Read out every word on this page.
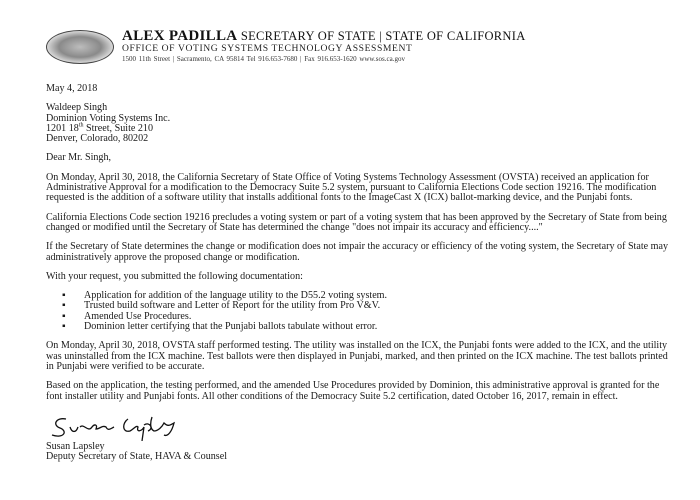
ALEX PADILLA SECRETARY OF STATE | STATE OF CALIFORNIA
OFFICE OF VOTING SYSTEMS TECHNOLOGY ASSESSMENT
1500 11th Street | Sacramento, CA 95814 Tel 916.653-7680 | Fax 916.653-1620 www.sos.ca.gov
May 4, 2018
Waldeep Singh
Dominion Voting Systems Inc.
1201 18th Street, Suite 210
Denver, Colorado, 80202
Dear Mr. Singh,
On Monday, April 30, 2018, the California Secretary of State Office of Voting Systems Technology Assessment (OVSTA) received an application for Administrative Approval for a modification to the Democracy Suite 5.2 system, pursuant to California Elections Code section 19216. The modification requested is the addition of a software utility that installs additional fonts to the ImageCast X (ICX) ballot-marking device, and the Punjabi fonts.
California Elections Code section 19216 precludes a voting system or part of a voting system that has been approved by the Secretary of State from being changed or modified until the Secretary of State has determined the change "does not impair its accuracy and efficiency...."
If the Secretary of State determines the change or modification does not impair the accuracy or efficiency of the voting system, the Secretary of State may administratively approve the proposed change or modification.
With your request, you submitted the following documentation:
▪ Application for addition of the language utility to the D55.2 voting system.
▪ Trusted build software and Letter of Report for the utility from Pro V&V.
▪ Amended Use Procedures.
▪ Dominion letter certifying that the Punjabi ballots tabulate without error.
On Monday, April 30, 2018, OVSTA staff performed testing. The utility was installed on the ICX, the Punjabi fonts were added to the ICX, and the utility was uninstalled from the ICX machine. Test ballots were then displayed in Punjabi, marked, and then printed on the ICX machine. The test ballots printed in Punjabi were verified to be accurate.
Based on the application, the testing performed, and the amended Use Procedures provided by Dominion, this administrative approval is granted for the font installer utility and Punjabi fonts. All other conditions of the Democracy Suite 5.2 certification, dated October 16, 2017, remain in effect.
Susan Lapsley
Deputy Secretary of State, HAVA & Counsel
